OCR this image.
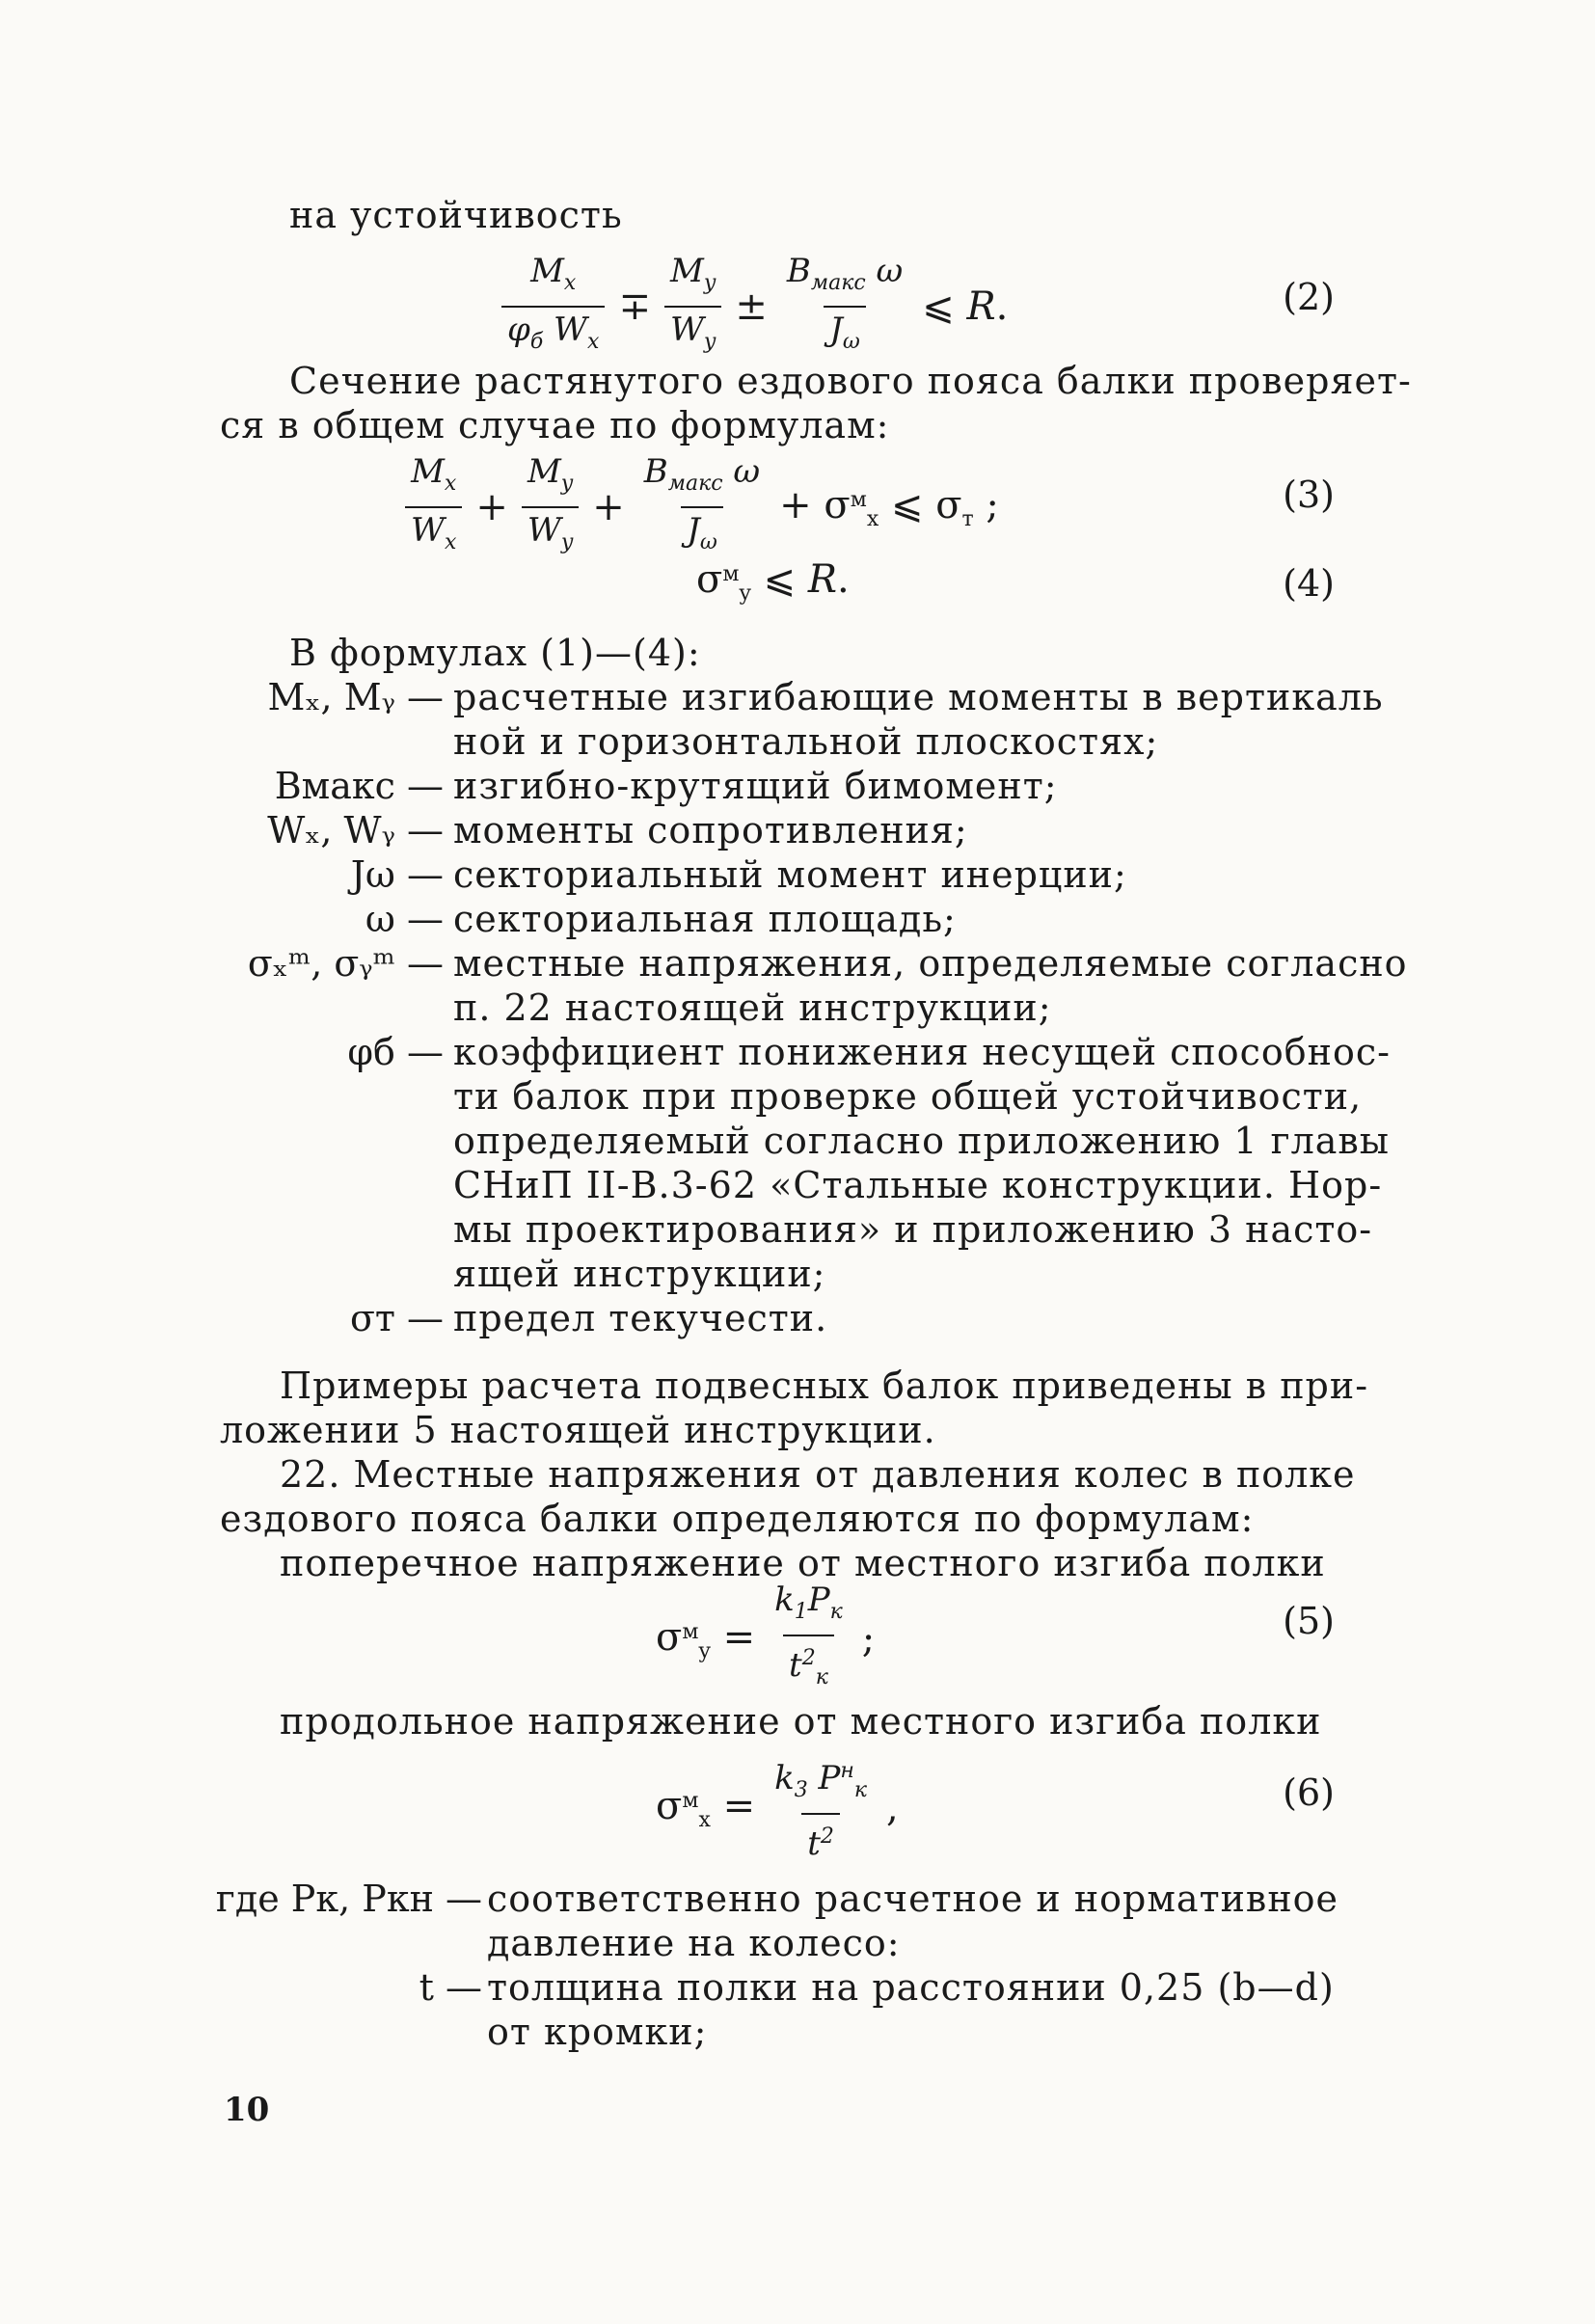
на устойчивость
$\frac{M_x}{\varphi_б W_x} \mp \frac{M_y}{W_y} \pm \frac{B_{макс} \omega}{J_\omega}$ ⩽ R.	(2)
Сечение растянутого ездового пояса балки проверяет-
ся в общем случае по формулам:
$\frac{M_x}{W_x} + \frac{M_y}{W_y} + \frac{B_{макс} \omega}{J_\omega} + \sigma^м_x$ ⩽ $\sigma_т$ ;	(3)
$\sigma^м_y$ ⩽ R.	(4)
В формулах (1)—(4):
Mₓ, Mᵧ — расчетные изгибающие моменты в вертикаль
ной и горизонтальной плоскостях;
Bмакс — изгибно-крутящий бимомент;
Wₓ, Wᵧ — моменты сопротивления;
Jω — секториальный момент инерции;
ω — секториальная площадь;
σₓᵐ, σᵧᵐ — местные напряжения, определяемые согласно
п. 22 настоящей инструкции;
φб — коэффициент понижения несущей способнос-
ти балок при проверке общей устойчивости,
определяемый согласно приложению 1 главы
СНиП II-В.3-62 «Стальные конструкции. Нор-
мы проектирования» и приложению 3 насто-
ящей инструкции;
σт — предел текучести.
Примеры расчета подвесных балок приведены в при-
ложении 5 настоящей инструкции.
22. Местные напряжения от давления колес в полке
ездового пояса балки определяются по формулам:
поперечное напряжение от местного изгиба полки
$\sigma^м_y = \frac{k_1P_к}{t^2_к}$ ;	(5)
продольное напряжение от местного изгиба полки
$\sigma^м_x = \frac{k_3 P^н_к}{t^2}$ ,	(6)
где Pк, Pкн — соответственно расчетное и нормативное
давление на колесо:
t — толщина полки на расстоянии 0,25 (b—d)
от кромки;
10
